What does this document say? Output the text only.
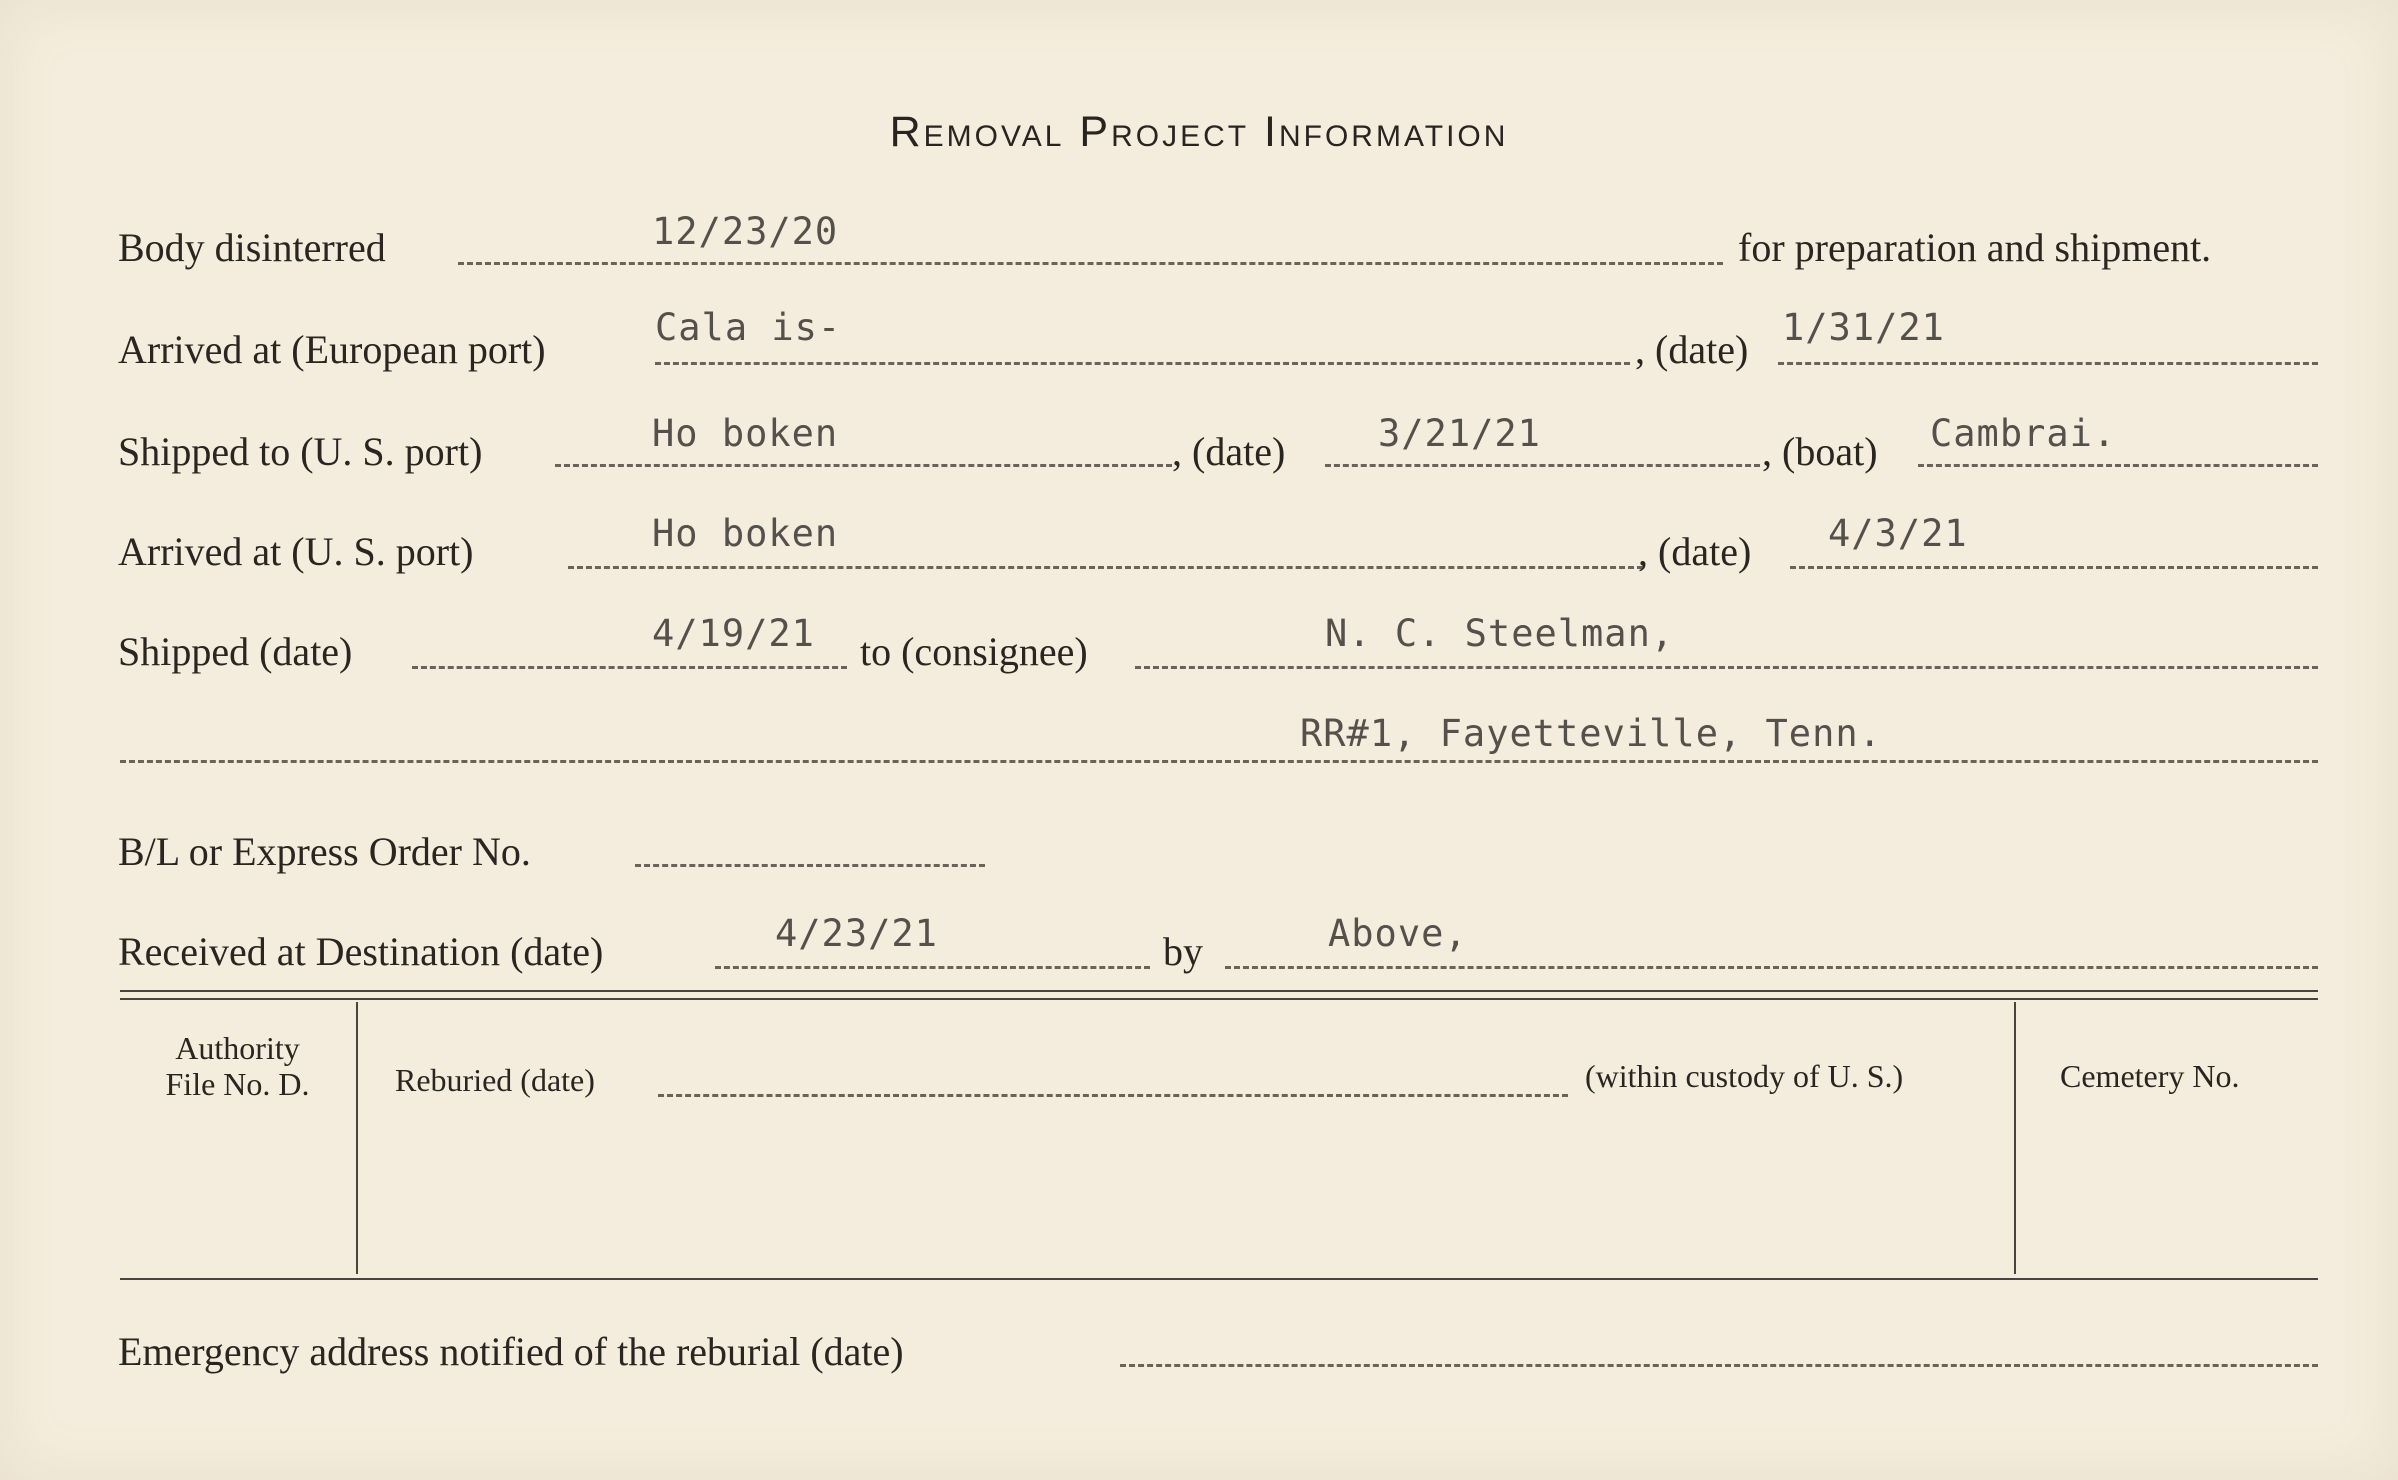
Removal Project Information
Body disinterred	12/23/20	for preparation and shipment.
Arrived at (European port)	Cala is-	, (date) 1/31/21
Shipped to (U. S. port)	Ho boken	, (date)	3/21/21	, (boat) Cambrai.
Arrived at (U. S. port)	Ho boken	, (date) 4/3/21
Shipped (date)	4/19/21 to (consignee)	N. C. Steelman,
RR#1, Fayetteville, Tenn.
B/L or Express Order No.
Received at Destination (date)	4/23/21	by	Above,
Authority
File No. D.	Reburied (date)	(within custody of U. S.)	Cemetery No.
Emergency address notified of the reburial (date)
